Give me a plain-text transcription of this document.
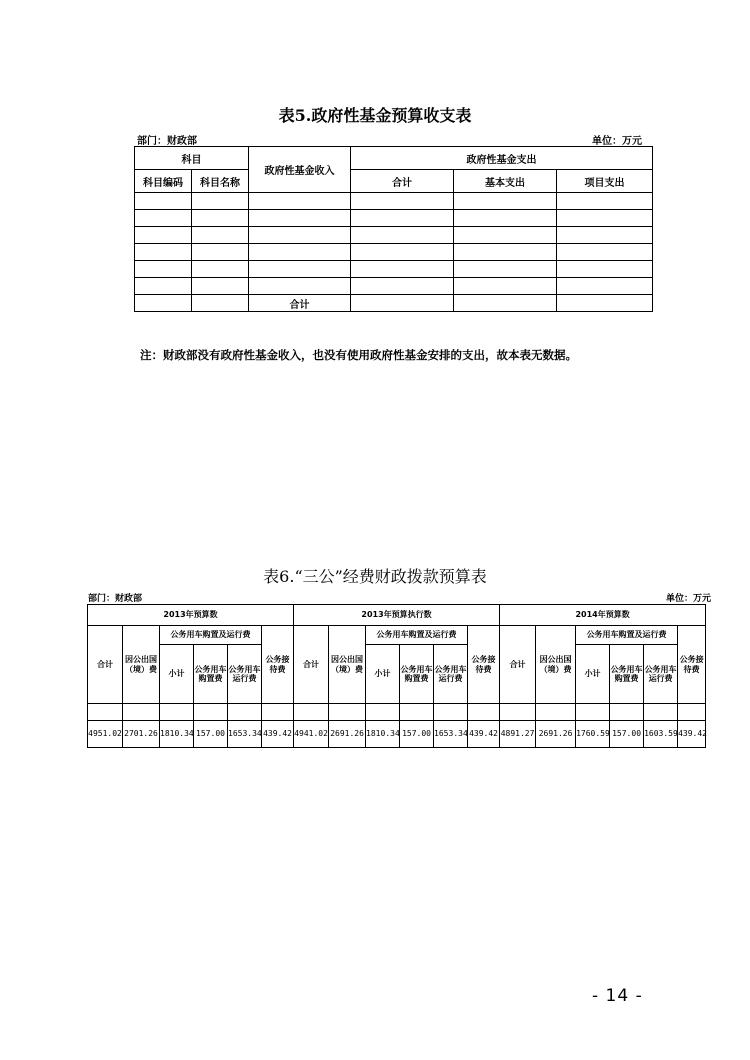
表5.政府性基金预算收支表
部门：财政部	单位：万元
科目		政府性基金收入	政府性基金支出		
科目编码	科目名称		合计	基本支出	项目支出

		合计			
注：财政部没有政府性基金收入，也没有使用政府性基金安排的支出，故本表无数据。
表6.“三公”经费财政拨款预算表
部门：财政部	单位：万元
2013年预算数						2013年预算执行数						2014年预算数					
合计	因公出国（境）费	公务用车购置及运行费			公务接待费	合计	因公出国（境）费	公务用车购置及运行费			公务接待费	合计	因公出国（境）费	公务用车购置及运行费			公务接待费
		小计	公务用车购置费	公务用车运行费				小计	公务用车购置费	公务用车运行费				小计	公务用车购置费	公务用车运行费	

4951.02	2701.26	1810.34	157.00	1653.34	439.42	4941.02	2691.26	1810.34	157.00	1653.34	439.42	4891.27	2691.26	1760.59	157.00	1603.59	439.42
- 14 -
